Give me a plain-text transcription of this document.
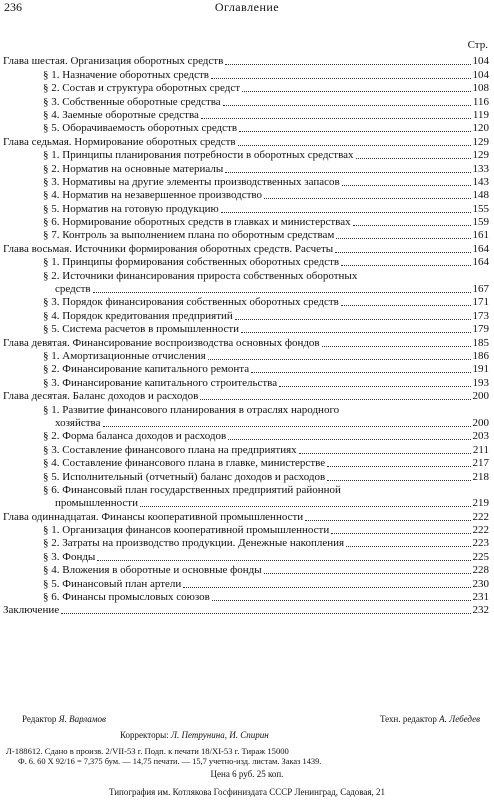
Оглавление
236
Стр.
Глава шестая. Организация оборотных средств	104
§ 1. Назначение оборотных средств	104
§ 2. Состав и структура оборотных средст	108
§ 3. Собственные оборотные средства	116
§ 4. Заемные оборотные средства	119
§ 5. Оборачиваемость оборотных средств	120
Глава седьмая. Нормирование оборотных средств	129
§ 1. Принципы планирования потребности в оборотных средствах	129
§ 2. Норматив на основные материалы	133
§ 3. Нормативы на другие элементы производственных запасов	143
§ 4. Норматив на незавершенное производство	148
§ 5. Норматив на готовую продукцию	155
§ 6. Нормирование оборотных средств в главках и министерствах	159
§ 7. Контроль за выполнением плана по оборотным средствам	161
Глава восьмая. Источники формирования оборотных средств. Расчеты	164
§ 1. Принципы формирования собственных оборотных средств	164
§ 2. Источники финансирования прироста собственных оборотных
средств	167
§ 3. Порядок финансирования собственных оборотных средств	171
§ 4. Порядок кредитования предприятий	173
§ 5. Система расчетов в промышленности	179
Глава девятая. Финансирование воспроизводства основных фондов	185
§ 1. Амортизационные отчисления	186
§ 2. Финансирование капитального ремонта	191
§ 3. Финансирование капитального строительства	193
Глава десятая. Баланс доходов и расходов	200
§ 1. Развитие финансового планирования в отраслях народного
хозяйства	200
§ 2. Форма баланса доходов и расходов	203
§ 3. Составление финансового плана на предприятиях	211
§ 4. Составление финансового плана в главке, министерстве	217
§ 5. Исполнительный (отчетный) баланс доходов и расходов	218
§ 6. Финансовый план государственных предприятий районной
промышленности	219
Глава одиннадцатая. Финансы кооперативной промышленности	222
§ 1. Организация финансов кооперативной промышленности	222
§ 2. Затраты на производство продукции. Денежные накопления	223
§ 3. Фонды	225
§ 4. Вложения в оборотные и основные фонды	228
§ 5. Финансовый план артели	230
§ 6. Финансы промысловых союзов	231
Заключение	232
Редактор Я. Варламов	Техн. редактор А. Лебедев
Корректоры: Л. Петрунина, И. Спирин
Л-188612. Сдано в произв. 2/VII-53 г. Подп. к печати 18/XI-53 г. Тираж 15000
Ф. 6. 60 Х 92/16 = 7,375 бум. — 14,75 печати. — 15,7 учетно-изд. листам. Заказ 1439.
Цена 6 руб. 25 коп.
Типография им. Котлякова Госфиниздата СССР Ленинград, Садовая, 21
